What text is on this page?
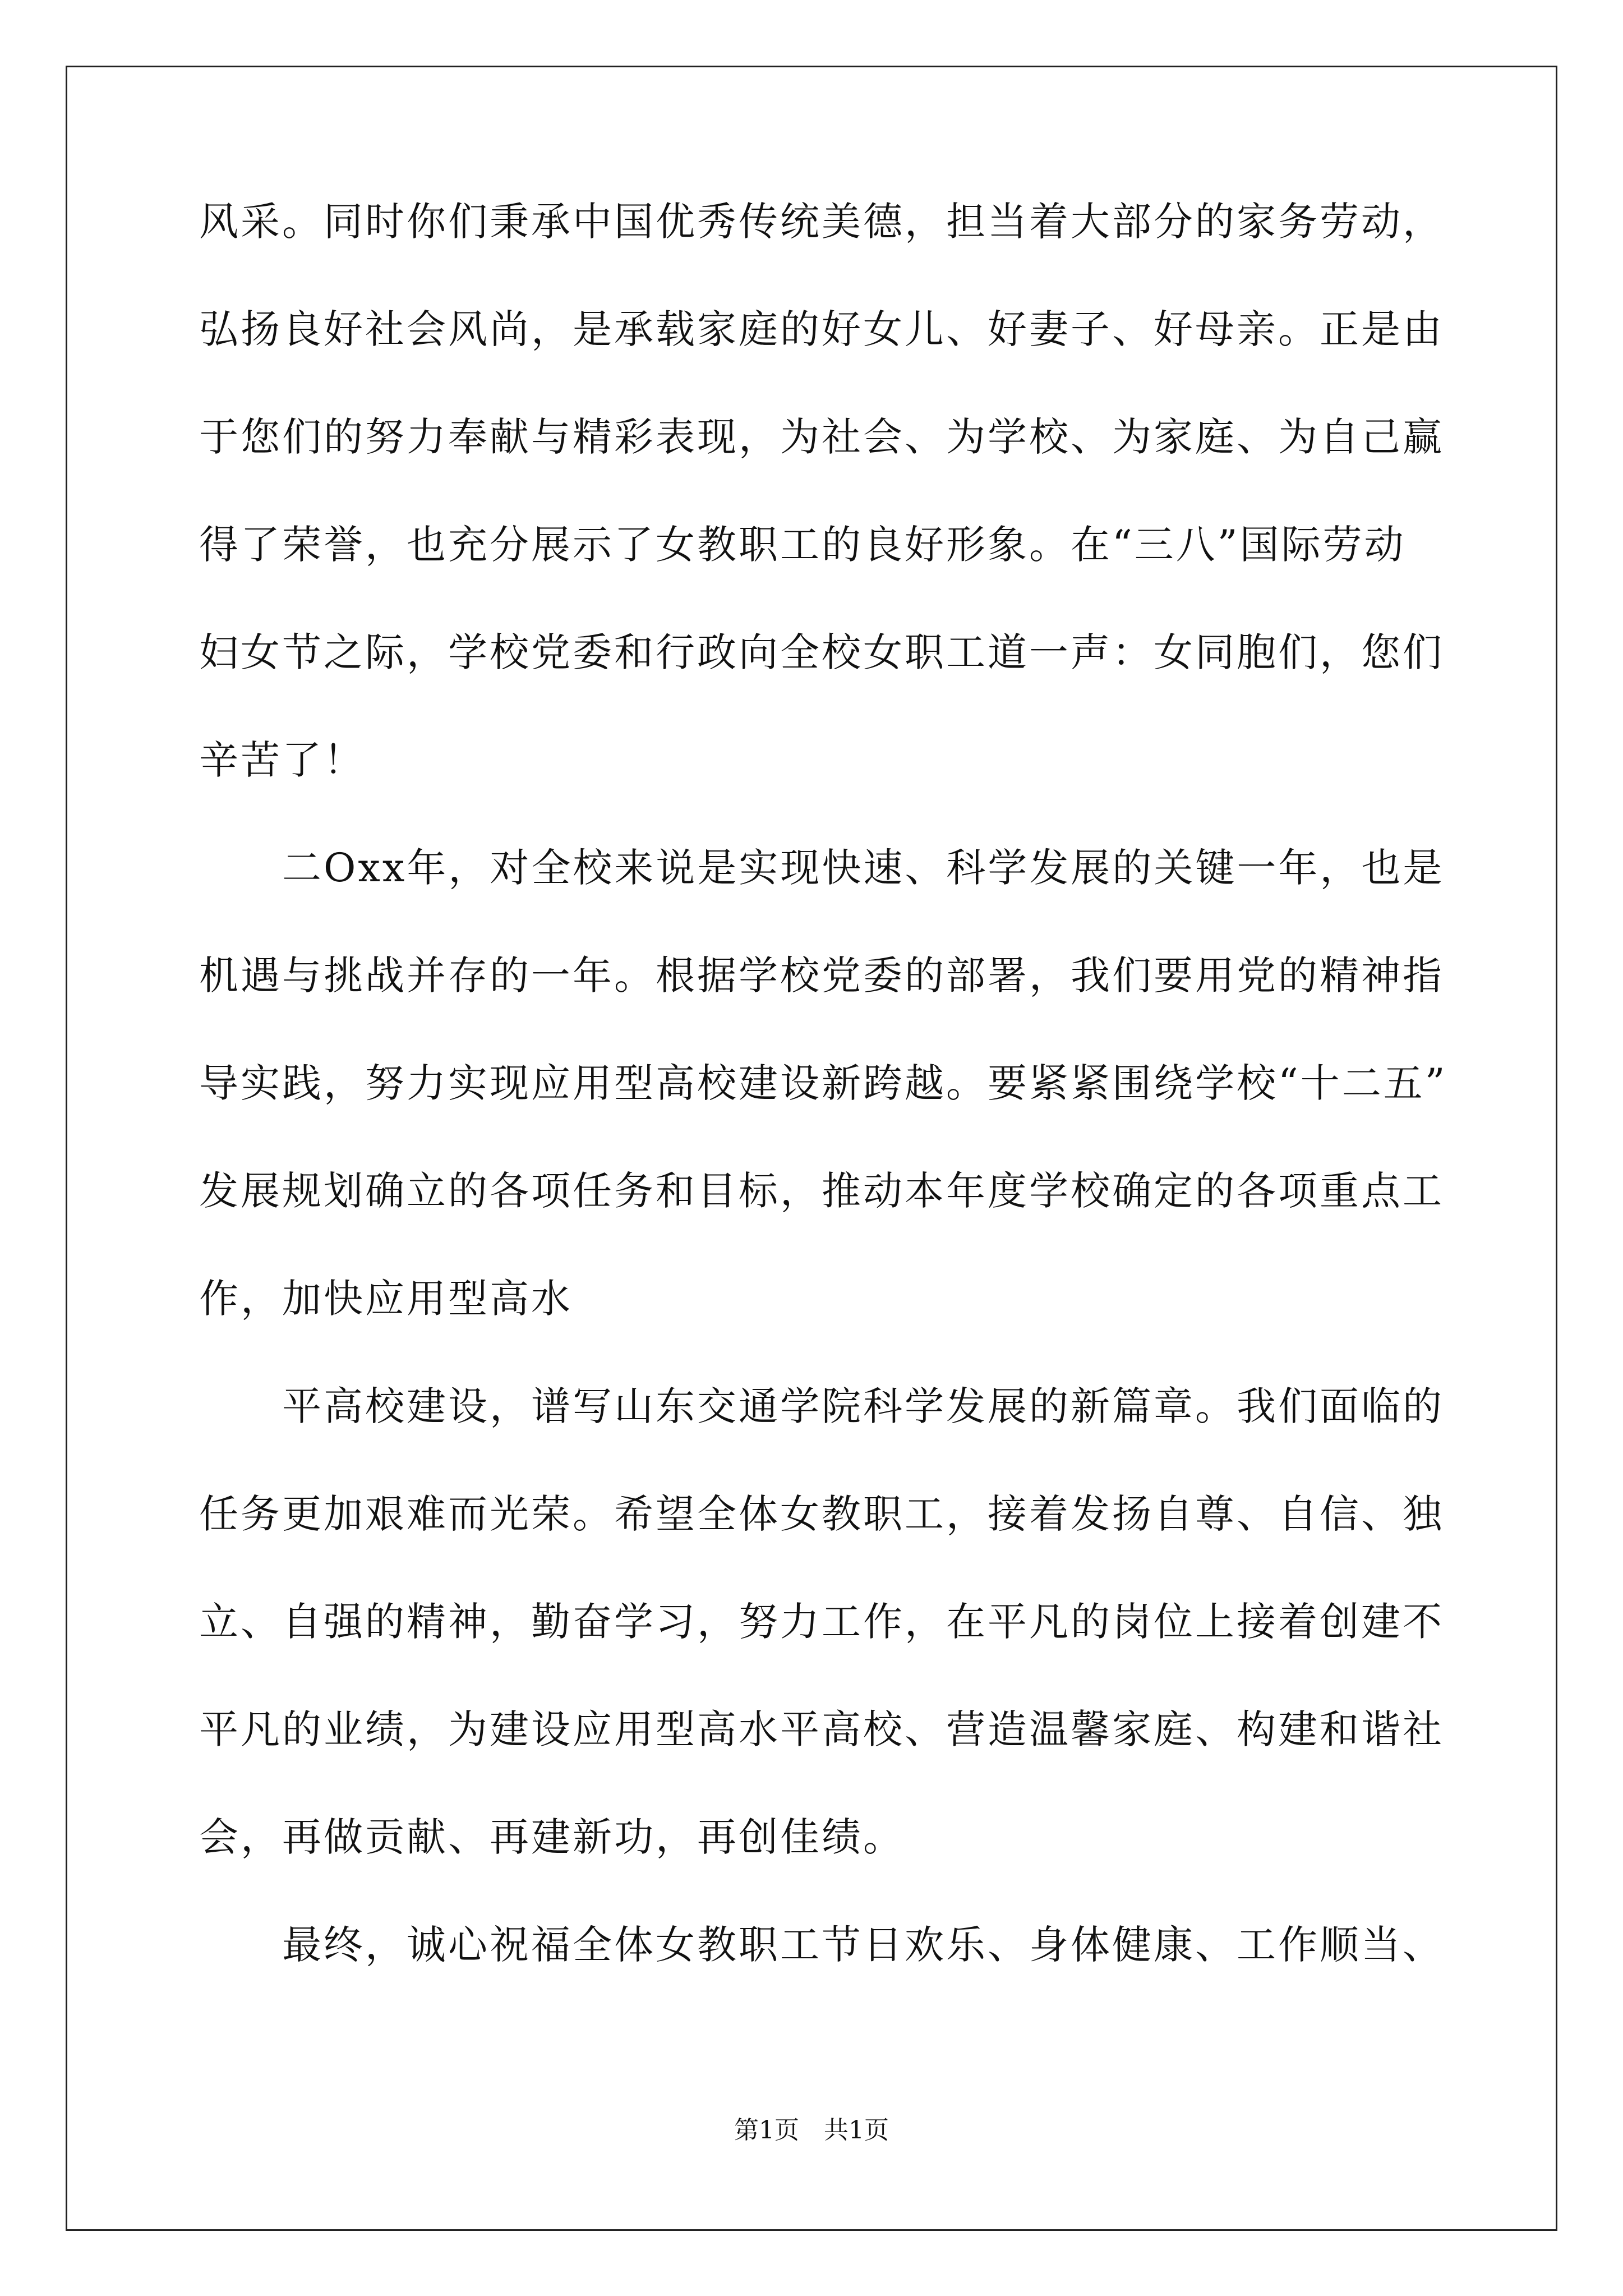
风采。同时你们秉承中国优秀传统美德，担当着大部分的家务劳动，
弘扬良好社会风尚，是承载家庭的好女儿、好妻子、好母亲。正是由
于您们的努力奉献与精彩表现，为社会、为学校、为家庭、为自己赢
得了荣誉，也充分展示了女教职工的良好形象。在“三八”国际劳动
妇女节之际，学校党委和行政向全校女职工道一声：女同胞们，您们
辛苦了！
二Oxx年，对全校来说是实现快速、科学发展的关键一年，也是
机遇与挑战并存的一年。根据学校党委的部署，我们要用党的精神指
导实践，努力实现应用型高校建设新跨越。要紧紧围绕学校“十二五”
发展规划确立的各项任务和目标，推动本年度学校确定的各项重点工
作，加快应用型高水
平高校建设，谱写山东交通学院科学发展的新篇章。我们面临的
任务更加艰难而光荣。希望全体女教职工，接着发扬自尊、自信、独
立、自强的精神，勤奋学习，努力工作，在平凡的岗位上接着创建不
平凡的业绩，为建设应用型高水平高校、营造温馨家庭、构建和谐社
会，再做贡献、再建新功，再创佳绩。
最终，诚心祝福全体女教职工节日欢乐、身体健康、工作顺当、
第1页　共1页
